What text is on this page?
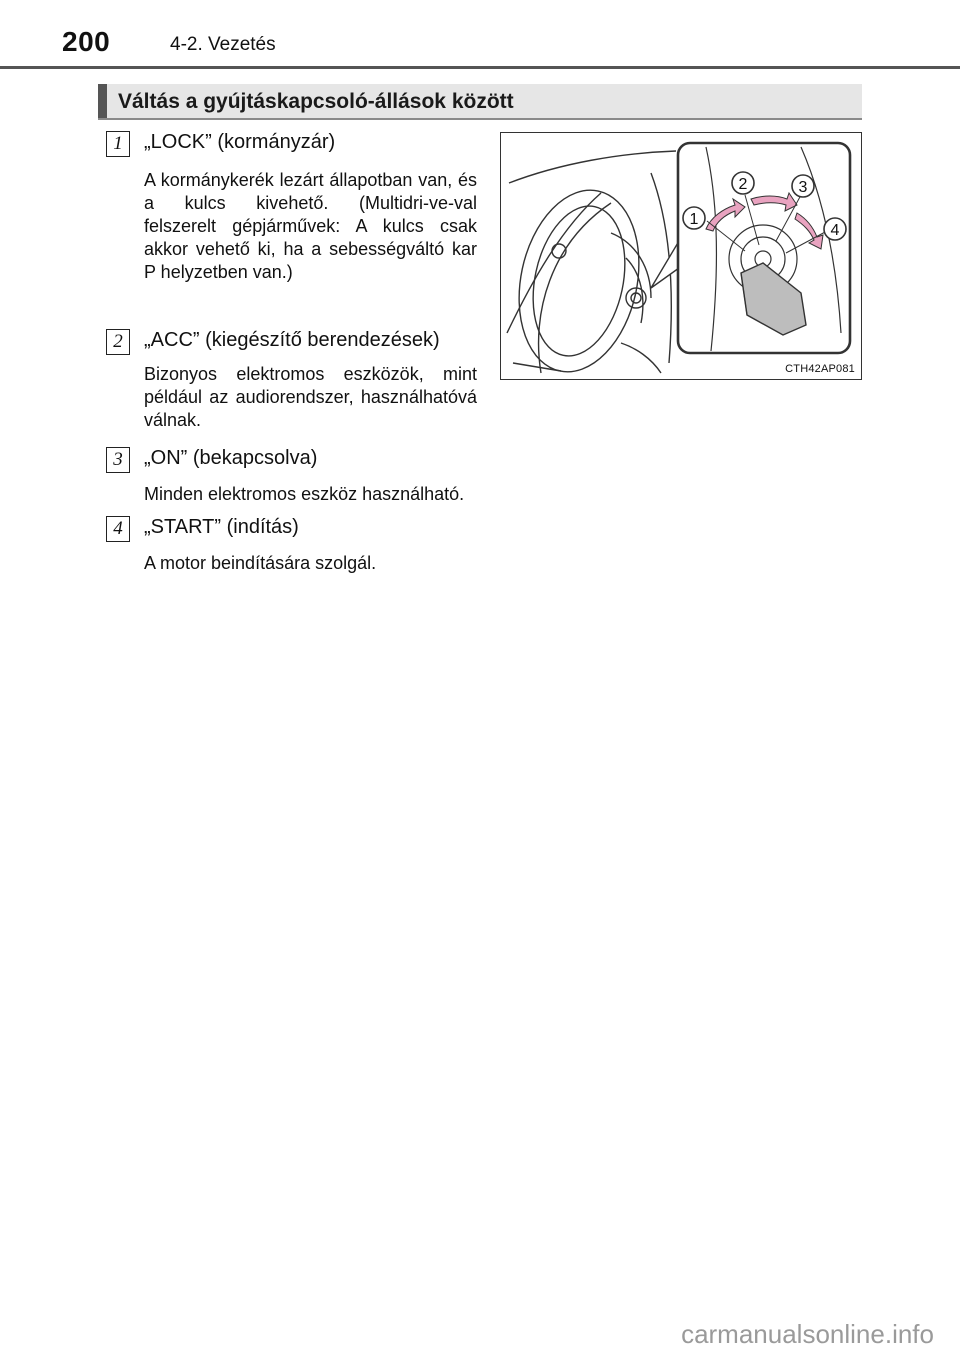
200	4-2. Vezetés
Váltás a gyújtáskapcsoló-állások között
1	„LOCK” (kormányzár)
A kormánykerék lezárt állapotban van, és a kulcs kivehető. (Multidri-ve-val felszerelt gépjárművek: A kulcs csak akkor vehető ki, ha a sebességváltó kar P helyzetben van.)
2	„ACC” (kiegészítő berendezések)
Bizonyos elektromos eszközök, mint például az audiorendszer, használhatóvá válnak.
3	„ON” (bekapcsolva)
Minden elektromos eszköz használható.
4	„START” (indítás)
A motor beindítására szolgál.
1
2	3
4
CTH42AP081
carmanualsonline.info
